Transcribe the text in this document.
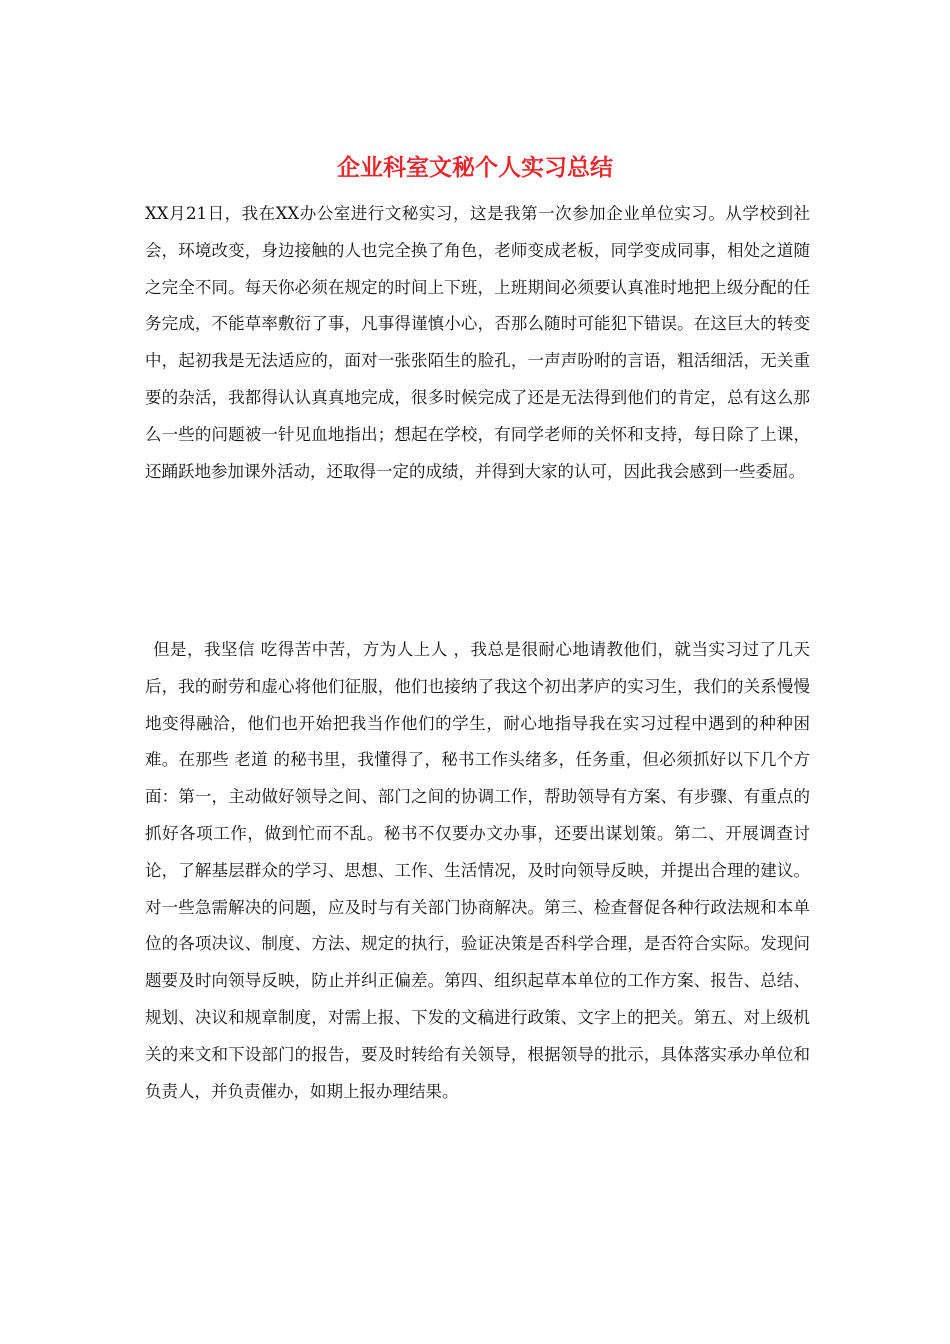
企业科室文秘个人实习总结

XX月21日，我在XX办公室进行文秘实习，这是我第一次参加企业单位实习。从学校到社会，环境改变，身边接触的人也完全换了角色，老师变成老板，同学变成同事，相处之道随之完全不同。每天你必须在规定的时间上下班，上班期间必须要认真准时地把上级分配的任务完成，不能草率敷衍了事，凡事得谨慎小心，否那么随时可能犯下错误。在这巨大的转变中，起初我是无法适应的，面对一张张陌生的脸孔，一声声吩咐的言语，粗活细活，无关重要的杂活，我都得认认真真地完成，很多时候完成了还是无法得到他们的肯定，总有这么那么一些的问题被一针见血地指出；想起在学校，有同学老师的关怀和支持，每日除了上课，还踊跃地参加课外活动，还取得一定的成绩，并得到大家的认可，因此我会感到一些委屈。

但是，我坚信 吃得苦中苦，方为人上人 ，我总是很耐心地请教他们，就当实习过了几天后，我的耐劳和虚心将他们征服，他们也接纳了我这个初出茅庐的实习生，我们的关系慢慢地变得融洽，他们也开始把我当作他们的学生，耐心地指导我在实习过程中遇到的种种困难。在那些 老道 的秘书里，我懂得了，秘书工作头绪多，任务重，但必须抓好以下几个方面：第一，主动做好领导之间、部门之间的协调工作，帮助领导有方案、有步骤、有重点的抓好各项工作，做到忙而不乱。秘书不仅要办文办事，还要出谋划策。第二、开展调查讨论，了解基层群众的学习、思想、工作、生活情况，及时向领导反映，并提出合理的建议。对一些急需解决的问题，应及时与有关部门协商解决。第三、检查督促各种行政法规和本单位的各项决议、制度、方法、规定的执行，验证决策是否科学合理，是否符合实际。发现问题要及时向领导反映，防止并纠正偏差。第四、组织起草本单位的工作方案、报告、总结、规划、决议和规章制度，对需上报、下发的文稿进行政策、文字上的把关。第五、对上级机关的来文和下设部门的报告，要及时转给有关领导，根据领导的批示，具体落实承办单位和负责人，并负责催办，如期上报办理结果。
